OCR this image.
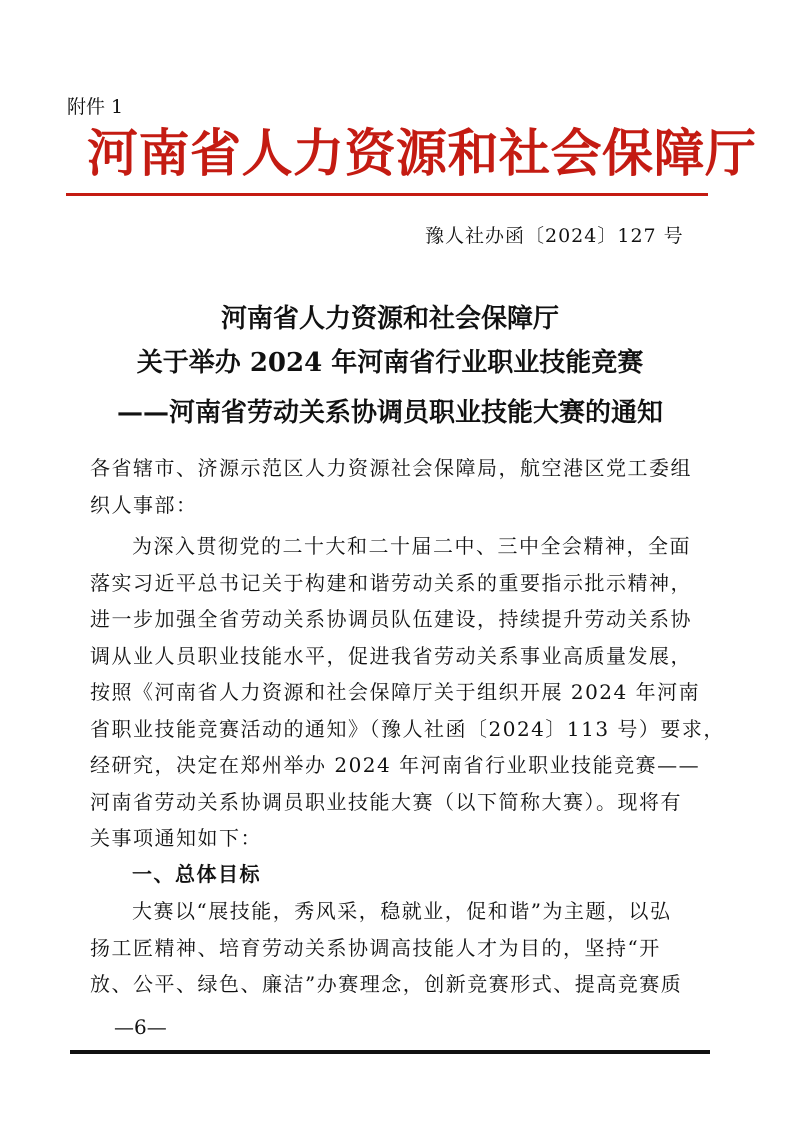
附件 1
河南省人力资源和社会保障厅
豫人社办函〔2024〕127 号
河南省人力资源和社会保障厅
关于举办 2024 年河南省行业职业技能竞赛
——河南省劳动关系协调员职业技能大赛的通知
各省辖市、济源示范区人力资源社会保障局，航空港区党工委组
织人事部：
为深入贯彻党的二十大和二十届二中、三中全会精神，全面
落实习近平总书记关于构建和谐劳动关系的重要指示批示精神，
进一步加强全省劳动关系协调员队伍建设，持续提升劳动关系协
调从业人员职业技能水平，促进我省劳动关系事业高质量发展，
按照《河南省人力资源和社会保障厅关于组织开展 2024 年河南
省职业技能竞赛活动的通知》（豫人社函〔2024〕113 号）要求，
经研究，决定在郑州举办 2024 年河南省行业职业技能竞赛——
河南省劳动关系协调员职业技能大赛（以下简称大赛）。现将有
关事项通知如下：
一、总体目标
大赛以“展技能，秀风采，稳就业，促和谐”为主题，以弘
扬工匠精神、培育劳动关系协调高技能人才为目的，坚持“开
放、公平、绿色、廉洁”办赛理念，创新竞赛形式、提高竞赛质
—6—
